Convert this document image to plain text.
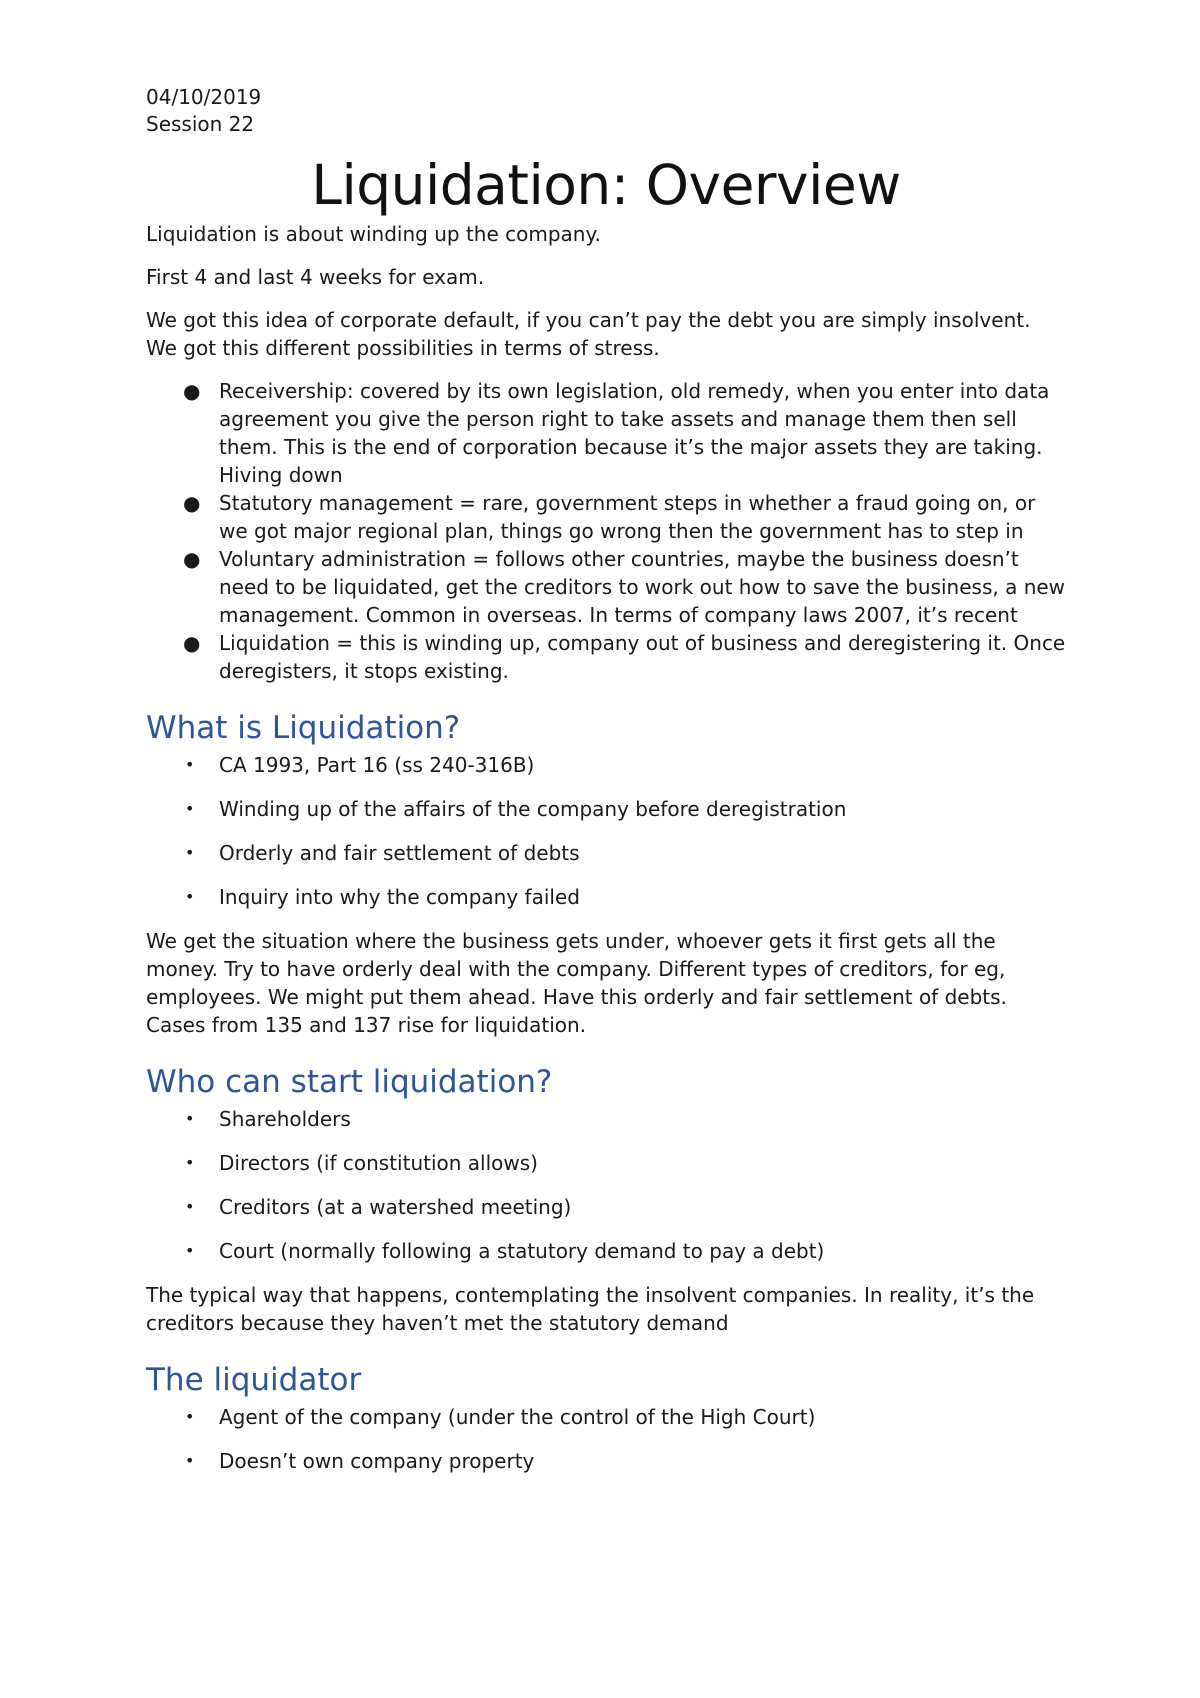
04/10/2019

Session 22

Liquidation: Overview

Liquidation is about winding up the company.

First 4 and last 4 weeks for exam.

We got this idea of corporate default, if you can’t pay the debt you are simply insolvent. We got this different possibilities in terms of stress.

● Receivership: covered by its own legislation, old remedy, when you enter into data agreement you give the person right to take assets and manage them then sell them. This is the end of corporation because it’s the major assets they are taking. Hiving down
● Statutory management = rare, government steps in whether a fraud going on, or we got major regional plan, things go wrong then the government has to step in
● Voluntary administration = follows other countries, maybe the business doesn’t need to be liquidated, get the creditors to work out how to save the business, a new management. Common in overseas. In terms of company laws 2007, it’s recent
● Liquidation = this is winding up, company out of business and deregistering it. Once deregisters, it stops existing.
What is Liquidation?
• CA 1993, Part 16 (ss 240-316B)
• Winding up of the affairs of the company before deregistration
• Orderly and fair settlement of debts
• Inquiry into why the company failed

We get the situation where the business gets under, whoever gets it first gets all the money. Try to have orderly deal with the company. Different types of creditors, for eg, employees. We might put them ahead. Have this orderly and fair settlement of debts. Cases from 135 and 137 rise for liquidation.

Who can start liquidation?
• Shareholders
• Directors (if constitution allows)
• Creditors (at a watershed meeting)
• Court (normally following a statutory demand to pay a debt)

The typical way that happens, contemplating the insolvent companies. In reality, it’s the creditors because they haven’t met the statutory demand

The liquidator
• Agent of the company (under the control of the High Court)
• Doesn’t own company property
